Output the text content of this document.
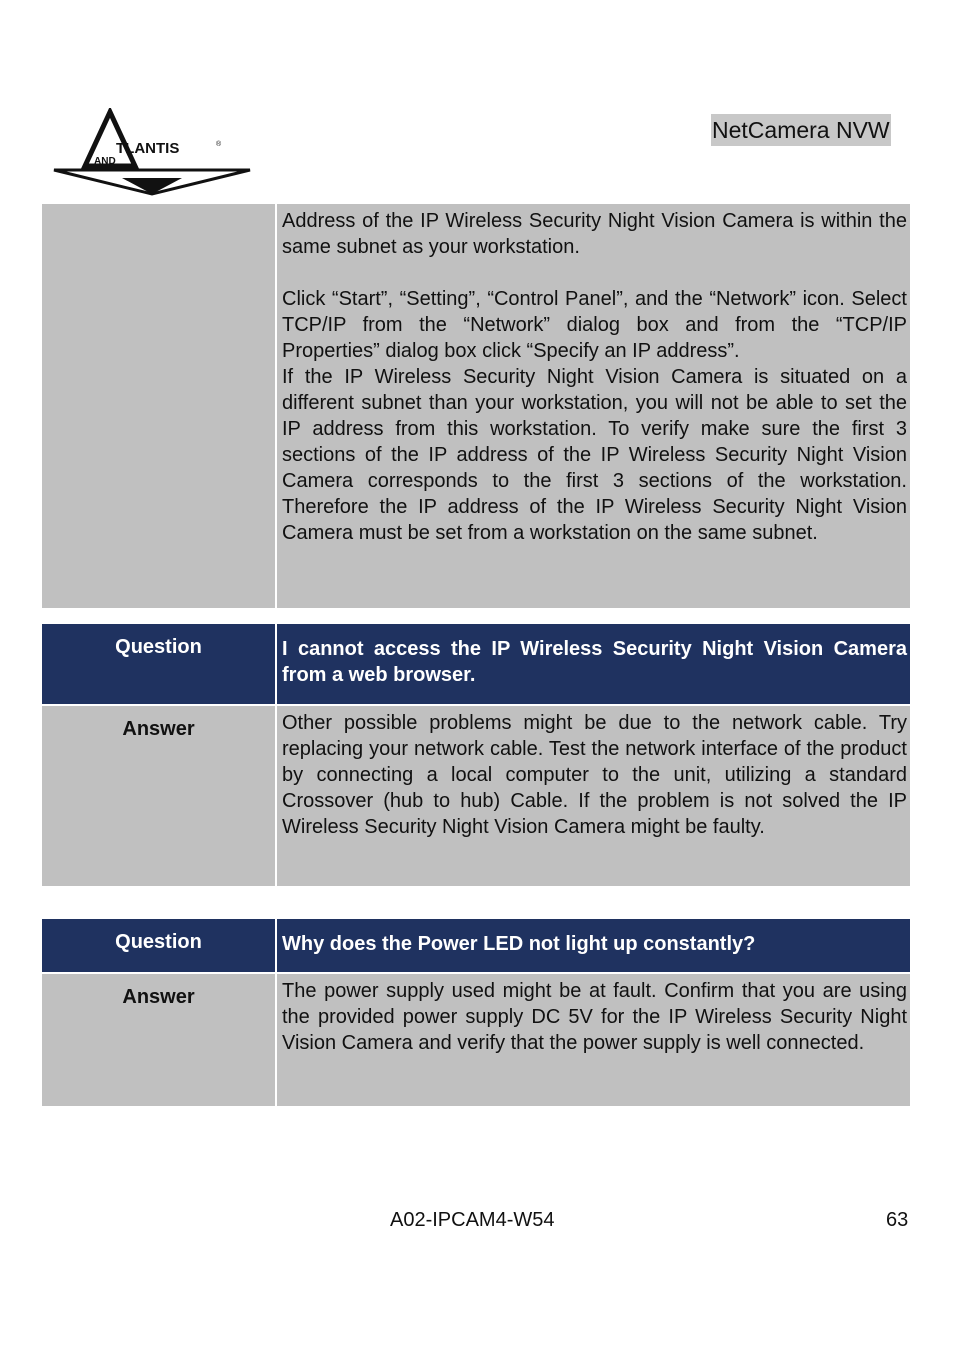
TLANTIS	®
AND
NetCamera NVW

Address of the IP Wireless Security Night Vision Camera is within the same subnet as your workstation.

Click “Start”, “Setting”, “Control Panel”, and the “Network” icon. Select TCP/IP from the “Network” dialog box and from the “TCP/IP Properties” dialog box click “Specify an IP address”.

If the IP Wireless Security Night Vision Camera is situated on a different subnet than your workstation, you will not be able to set the IP address from this workstation. To verify make sure the first 3 sections of the IP address of the IP Wireless Security Night Vision Camera corresponds to the first 3 sections of the workstation. Therefore the IP address of the IP Wireless Security Night Vision Camera must be set from a workstation on the same subnet.

Question	I cannot access the IP Wireless Security Night Vision Camera from a web browser.

Answer	Other possible problems might be due to the network cable. Try replacing your network cable. Test the network interface of the product by connecting a local computer to the unit, utilizing a standard Crossover (hub to hub) Cable. If the problem is not solved the IP Wireless Security Night Vision Camera might be faulty.
Question	Why does the Power LED not light up constantly?

Answer	The power supply used might be at fault. Confirm that you are using the provided power supply DC 5V for the IP Wireless Security Night Vision Camera and verify that the power supply is well connected.
A02-IPCAM4-W54	63
